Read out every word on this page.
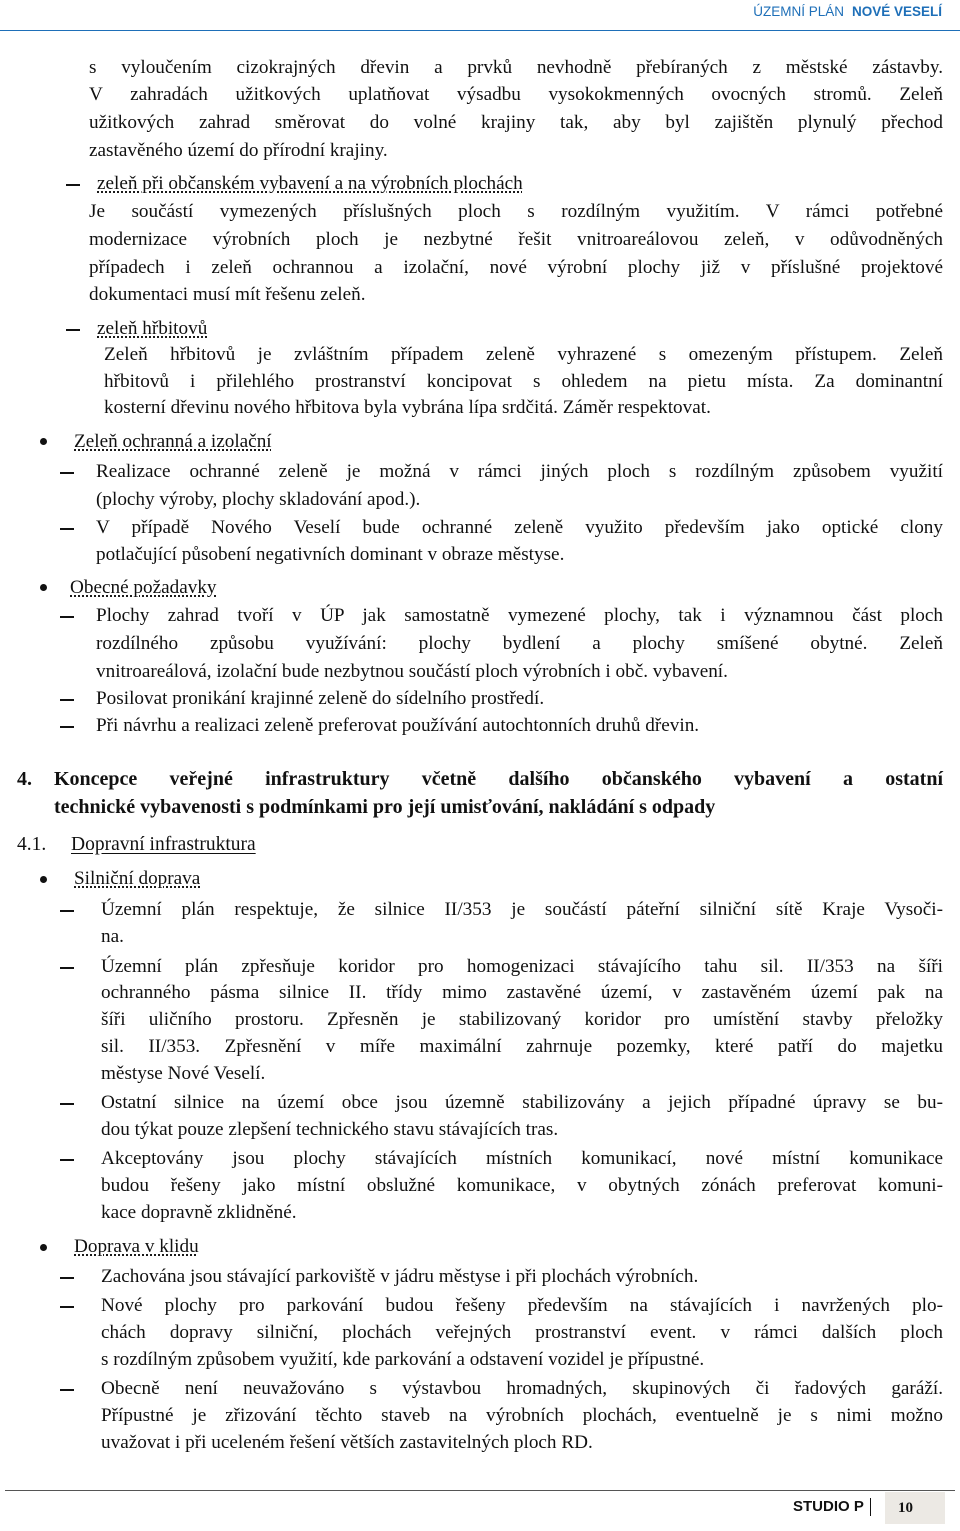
ÚZEMNÍ PLÁN NOVÉ VESELÍ
s vyloučením cizokrajných dřevin a prvků nevhodně přebíraných z městské zástavby.
V zahradách užitkových uplatňovat výsadbu vysokokmenných ovocných stromů. Zeleň
užitkových zahrad směrovat do volné krajiny tak, aby byl zajištěn plynulý přechod
zastavěného území do přírodní krajiny.
zeleň při občanském vybavení a na výrobních plochách
Je součástí vymezených příslušných ploch s rozdílným využitím. V rámci potřebné
modernizace výrobních ploch je nezbytné řešit vnitroareálovou zeleň, v odůvodněných
případech i zeleň ochrannou a izolační, nové výrobní plochy již v příslušné projektové
dokumentaci musí mít řešenu zeleň.
zeleň hřbitovů
Zeleň hřbitovů je zvláštním případem zeleně vyhrazené s omezeným přístupem. Zeleň
hřbitovů i přilehlého prostranství koncipovat s ohledem na pietu místa. Za dominantní
kosterní dřevinu nového hřbitova byla vybrána lípa srdčitá. Záměr respektovat.
Zeleň ochranná a izolační
Realizace ochranné zeleně je možná v rámci jiných ploch s rozdílným způsobem využití
(plochy výroby, plochy skladování apod.).
V případě Nového Veselí bude ochranné zeleně využito především jako optické clony
potlačující působení negativních dominant v obraze městyse.
Obecné požadavky
Plochy zahrad tvoří v ÚP jak samostatně vymezené plochy, tak i významnou část ploch
rozdílného způsobu využívání: plochy bydlení a plochy smíšené obytné. Zeleň
vnitroareálová, izolační bude nezbytnou součástí ploch výrobních i obč. vybavení.
Posilovat pronikání krajinné zeleně do sídelního prostředí.
Při návrhu a realizaci zeleně preferovat používání autochtonních druhů dřevin.
4. Koncepce veřejné infrastruktury včetně dalšího občanského vybavení a ostatní
technické vybavenosti s podmínkami pro její umisťování, nakládání s odpady
4.1. Dopravní infrastruktura
Silniční doprava
Územní plán respektuje, že silnice II/353 je součástí páteřní silniční sítě Kraje Vysoči-
na.
Územní plán zpřesňuje koridor pro homogenizaci stávajícího tahu sil. II/353 na šíři
ochranného pásma silnice II. třídy mimo zastavěné území, v zastavěném území pak na
šíři uličního prostoru. Zpřesněn je stabilizovaný koridor pro umístění stavby přeložky
sil. II/353. Zpřesnění v míře maximální zahrnuje pozemky, které patří do majetku
městyse Nové Veselí.
Ostatní silnice na území obce jsou územně stabilizovány a jejich případné úpravy se bu-
dou týkat pouze zlepšení technického stavu stávajících tras.
Akceptovány jsou plochy stávajících místních komunikací, nové místní komunikace
budou řešeny jako místní obslužné komunikace, v obytných zónách preferovat komuni-
kace dopravně zklidněné.
Doprava v klidu
Zachována jsou stávající parkoviště v jádru městyse i při plochách výrobních.
Nové plochy pro parkování budou řešeny především na stávajících i navržených plo-
chách dopravy silniční, plochách veřejných prostranství event. v rámci dalších ploch
s rozdílným způsobem využití, kde parkování a odstavení vozidel je přípustné.
Obecně není neuvažováno s výstavbou hromadných, skupinových či řadových garáží.
Přípustné je zřizování těchto staveb na výrobních plochách, eventuelně je s nimi možno
uvažovat i při uceleném řešení větších zastavitelných ploch RD.
STUDIO P	10
